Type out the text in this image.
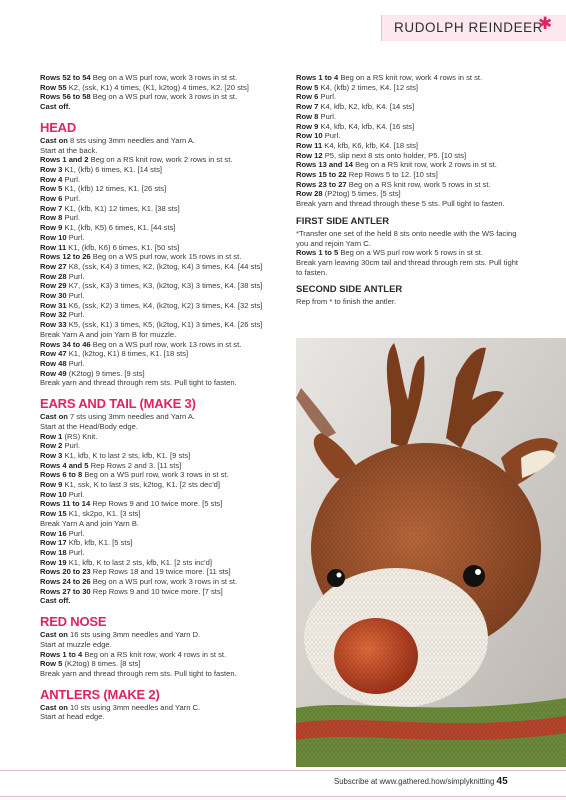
RUDOLPH REINDEER
✱
Rows 52 to 54 Beg on a WS purl row, work 3 rows in st st.
Row 55 K2, (ssk, K1) 4 times, (K1, k2tog) 4 times, K2. [20 sts]
Rows 56 to 58 Beg on a WS purl row, work 3 rows in st st.
Cast off.
HEAD
Cast on 8 sts using 3mm needles and Yarn A.
Start at the back.
Rows 1 and 2 Beg on a RS knit row, work 2 rows in st st.
Row 3 K1, (kfb) 6 times, K1. [14 sts]
Row 4 Purl.
Row 5 K1, (kfb) 12 times, K1. [26 sts]
Row 6 Purl.
Row 7 K1, (kfb, K1) 12 times, K1. [38 sts]
Row 8 Purl.
Row 9 K1, (kfb, K5) 6 times, K1. [44 sts]
Row 10 Purl.
Row 11 K1, (kfb, K6) 6 times, K1. [50 sts]
Rows 12 to 26 Beg on a WS purl row, work 15 rows in st st.
Row 27 K8, (ssk, K4) 3 times, K2, (k2tog, K4) 3 times, K4. [44 sts]
Row 28 Purl.
Row 29 K7, (ssk, K3) 3 times, K3, (k2tog, K3) 3 times, K4. [38 sts]
Row 30 Purl.
Row 31 K6, (ssk, K2) 3 times, K4, (k2tog, K2) 3 times, K4. [32 sts]
Row 32 Purl.
Row 33 K5, (ssk, K1) 3 times, K5, (k2tog, K1) 3 times, K4. [26 sts]
Break Yarn A and join Yarn B for muzzle.
Rows 34 to 46 Beg on a WS purl row, work 13 rows in st st.
Row 47 K1, (k2tog, K1) 8 times, K1. [18 sts]
Row 48 Purl.
Row 49 (K2tog) 9 times. [9 sts]
Break yarn and thread through rem sts. Pull tight to fasten.
EARS AND TAIL (MAKE 3)
Cast on 7 sts using 3mm needles and Yarn A.
Start at the Head/Body edge.
Row 1 (RS) Knit.
Row 2 Purl.
Row 3 K1, kfb, K to last 2 sts, kfb, K1. [9 sts]
Rows 4 and 5 Rep Rows 2 and 3. [11 sts]
Rows 6 to 8 Beg on a WS purl row, work 3 rows in st st.
Row 9 K1, ssk, K to last 3 sts, k2tog, K1. [2 sts dec'd]
Row 10 Purl.
Rows 11 to 14 Rep Rows 9 and 10 twice more. [5 sts]
Row 15 K1, sk2po, K1. [3 sts]
Break Yarn A and join Yarn B.
Row 16 Purl.
Row 17 Kfb, kfb, K1. [5 sts]
Row 18 Purl.
Row 19 K1, kfb, K to last 2 sts, kfb, K1. [2 sts inc'd]
Rows 20 to 23 Rep Rows 18 and 19 twice more. [11 sts]
Rows 24 to 26 Beg on a WS purl row, work 3 rows in st st.
Rows 27 to 30 Rep Rows 9 and 10 twice more. [7 sts]
Cast off.
RED NOSE
Cast on 16 sts using 3mm needles and Yarn D.
Start at muzzle edge.
Rows 1 to 4 Beg on a RS knit row, work 4 rows in st st.
Row 5 (K2tog) 8 times. [8 sts]
Break yarn and thread through rem sts. Pull tight to fasten.
ANTLERS (MAKE 2)
Cast on 10 sts using 3mm needles and Yarn C.
Start at head edge.
Rows 1 to 4 Beg on a RS knit row, work 4 rows in st st.
Row 5 K4, (kfb) 2 times, K4. [12 sts]
Row 6 Purl.
Row 7 K4, kfb, K2, kfb, K4. [14 sts]
Row 8 Purl.
Row 9 K4, kfb, K4, kfb, K4. [16 sts]
Row 10 Purl.
Row 11 K4, kfb, K6, kfb, K4. [18 sts]
Row 12 P5, slip next 8 sts onto holder, P5. [10 sts]
Rows 13 and 14 Beg on a RS knit row, work 2 rows in st st.
Rows 15 to 22 Rep Rows 5 to 12. [10 sts]
Rows 23 to 27 Beg on a RS knit row, work 5 rows in st st.
Row 28 (P2tog) 5 times. [5 sts]
Break yarn and thread through these 5 sts. Pull tight to fasten.
FIRST SIDE ANTLER
*Transfer one set of the held 8 sts onto needle with the WS facing
you and rejoin Yarn C.
Rows 1 to 5 Beg on a WS purl row work 5 rows in st st.
Break yarn leaving 30cm tail and thread through rem sts. Pull tight
to fasten.
SECOND SIDE ANTLER
Rep from * to finish the antler.
Subscribe at www.gathered.how/simplyknitting 45
